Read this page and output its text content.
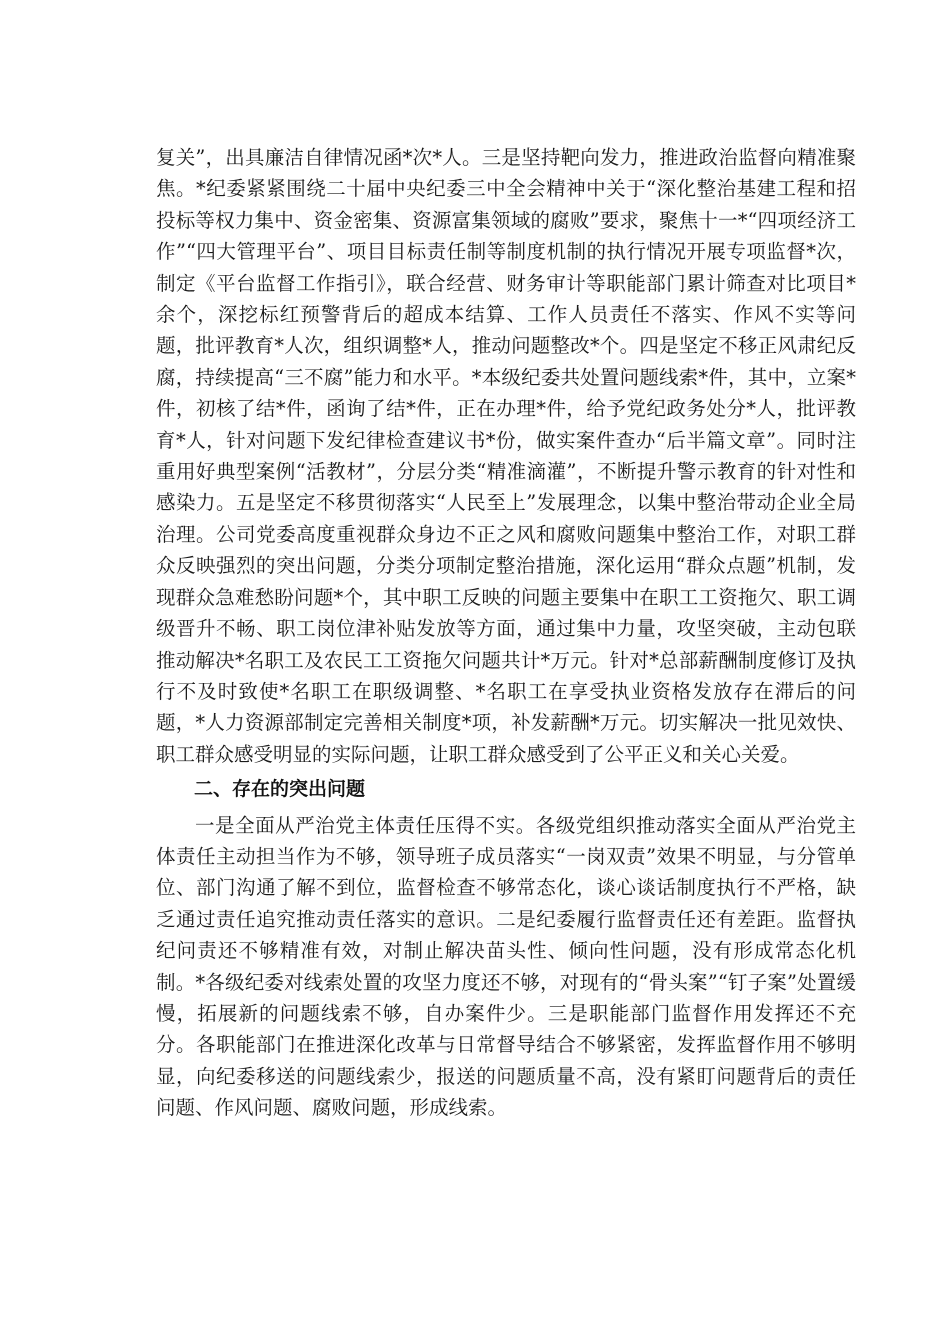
复关”，出具廉洁自律情况函*次*人。三是坚持靶向发力，推进政治监督向精准聚焦。*纪委紧紧围绕二十届中央纪委三中全会精神中关于“深化整治基建工程和招投标等权力集中、资金密集、资源富集领域的腐败”要求，聚焦十一*“四项经济工作”“四大管理平台”、项目目标责任制等制度机制的执行情况开展专项监督*次，制定《平台监督工作指引》，联合经营、财务审计等职能部门累计筛查对比项目*余个，深挖标红预警背后的超成本结算、工作人员责任不落实、作风不实等问题，批评教育*人次，组织调整*人，推动问题整改*个。四是坚定不移正风肃纪反腐，持续提高“三不腐”能力和水平。*本级纪委共处置问题线索*件，其中，立案*件，初核了结*件，函询了结*件，正在办理*件，给予党纪政务处分*人，批评教育*人，针对问题下发纪律检查建议书*份，做实案件查办“后半篇文章”。同时注重用好典型案例“活教材”，分层分类“精准滴灌”，不断提升警示教育的针对性和感染力。五是坚定不移贯彻落实“人民至上”发展理念，以集中整治带动企业全局治理。公司党委高度重视群众身边不正之风和腐败问题集中整治工作，对职工群众反映强烈的突出问题，分类分项制定整治措施，深化运用“群众点题”机制，发现群众急难愁盼问题*个，其中职工反映的问题主要集中在职工工资拖欠、职工调级晋升不畅、职工岗位津补贴发放等方面，通过集中力量，攻坚突破，主动包联推动解决*名职工及农民工工资拖欠问题共计*万元。针对*总部薪酬制度修订及执行不及时致使*名职工在职级调整、*名职工在享受执业资格发放存在滞后的问题，*人力资源部制定完善相关制度*项，补发薪酬*万元。切实解决一批见效快、职工群众感受明显的实际问题，让职工群众感受到了公平正义和关心关爱。

二、存在的突出问题

一是全面从严治党主体责任压得不实。各级党组织推动落实全面从严治党主体责任主动担当作为不够，领导班子成员落实“一岗双责”效果不明显，与分管单位、部门沟通了解不到位，监督检查不够常态化，谈心谈话制度执行不严格，缺乏通过责任追究推动责任落实的意识。二是纪委履行监督责任还有差距。监督执纪问责还不够精准有效，对制止解决苗头性、倾向性问题，没有形成常态化机制。*各级纪委对线索处置的攻坚力度还不够，对现有的“骨头案”“钉子案”处置缓慢，拓展新的问题线索不够，自办案件少。三是职能部门监督作用发挥还不充分。各职能部门在推进深化改革与日常督导结合不够紧密，发挥监督作用不够明显，向纪委移送的问题线索少，报送的问题质量不高，没有紧盯问题背后的责任问题、作风问题、腐败问题，形成线索。
